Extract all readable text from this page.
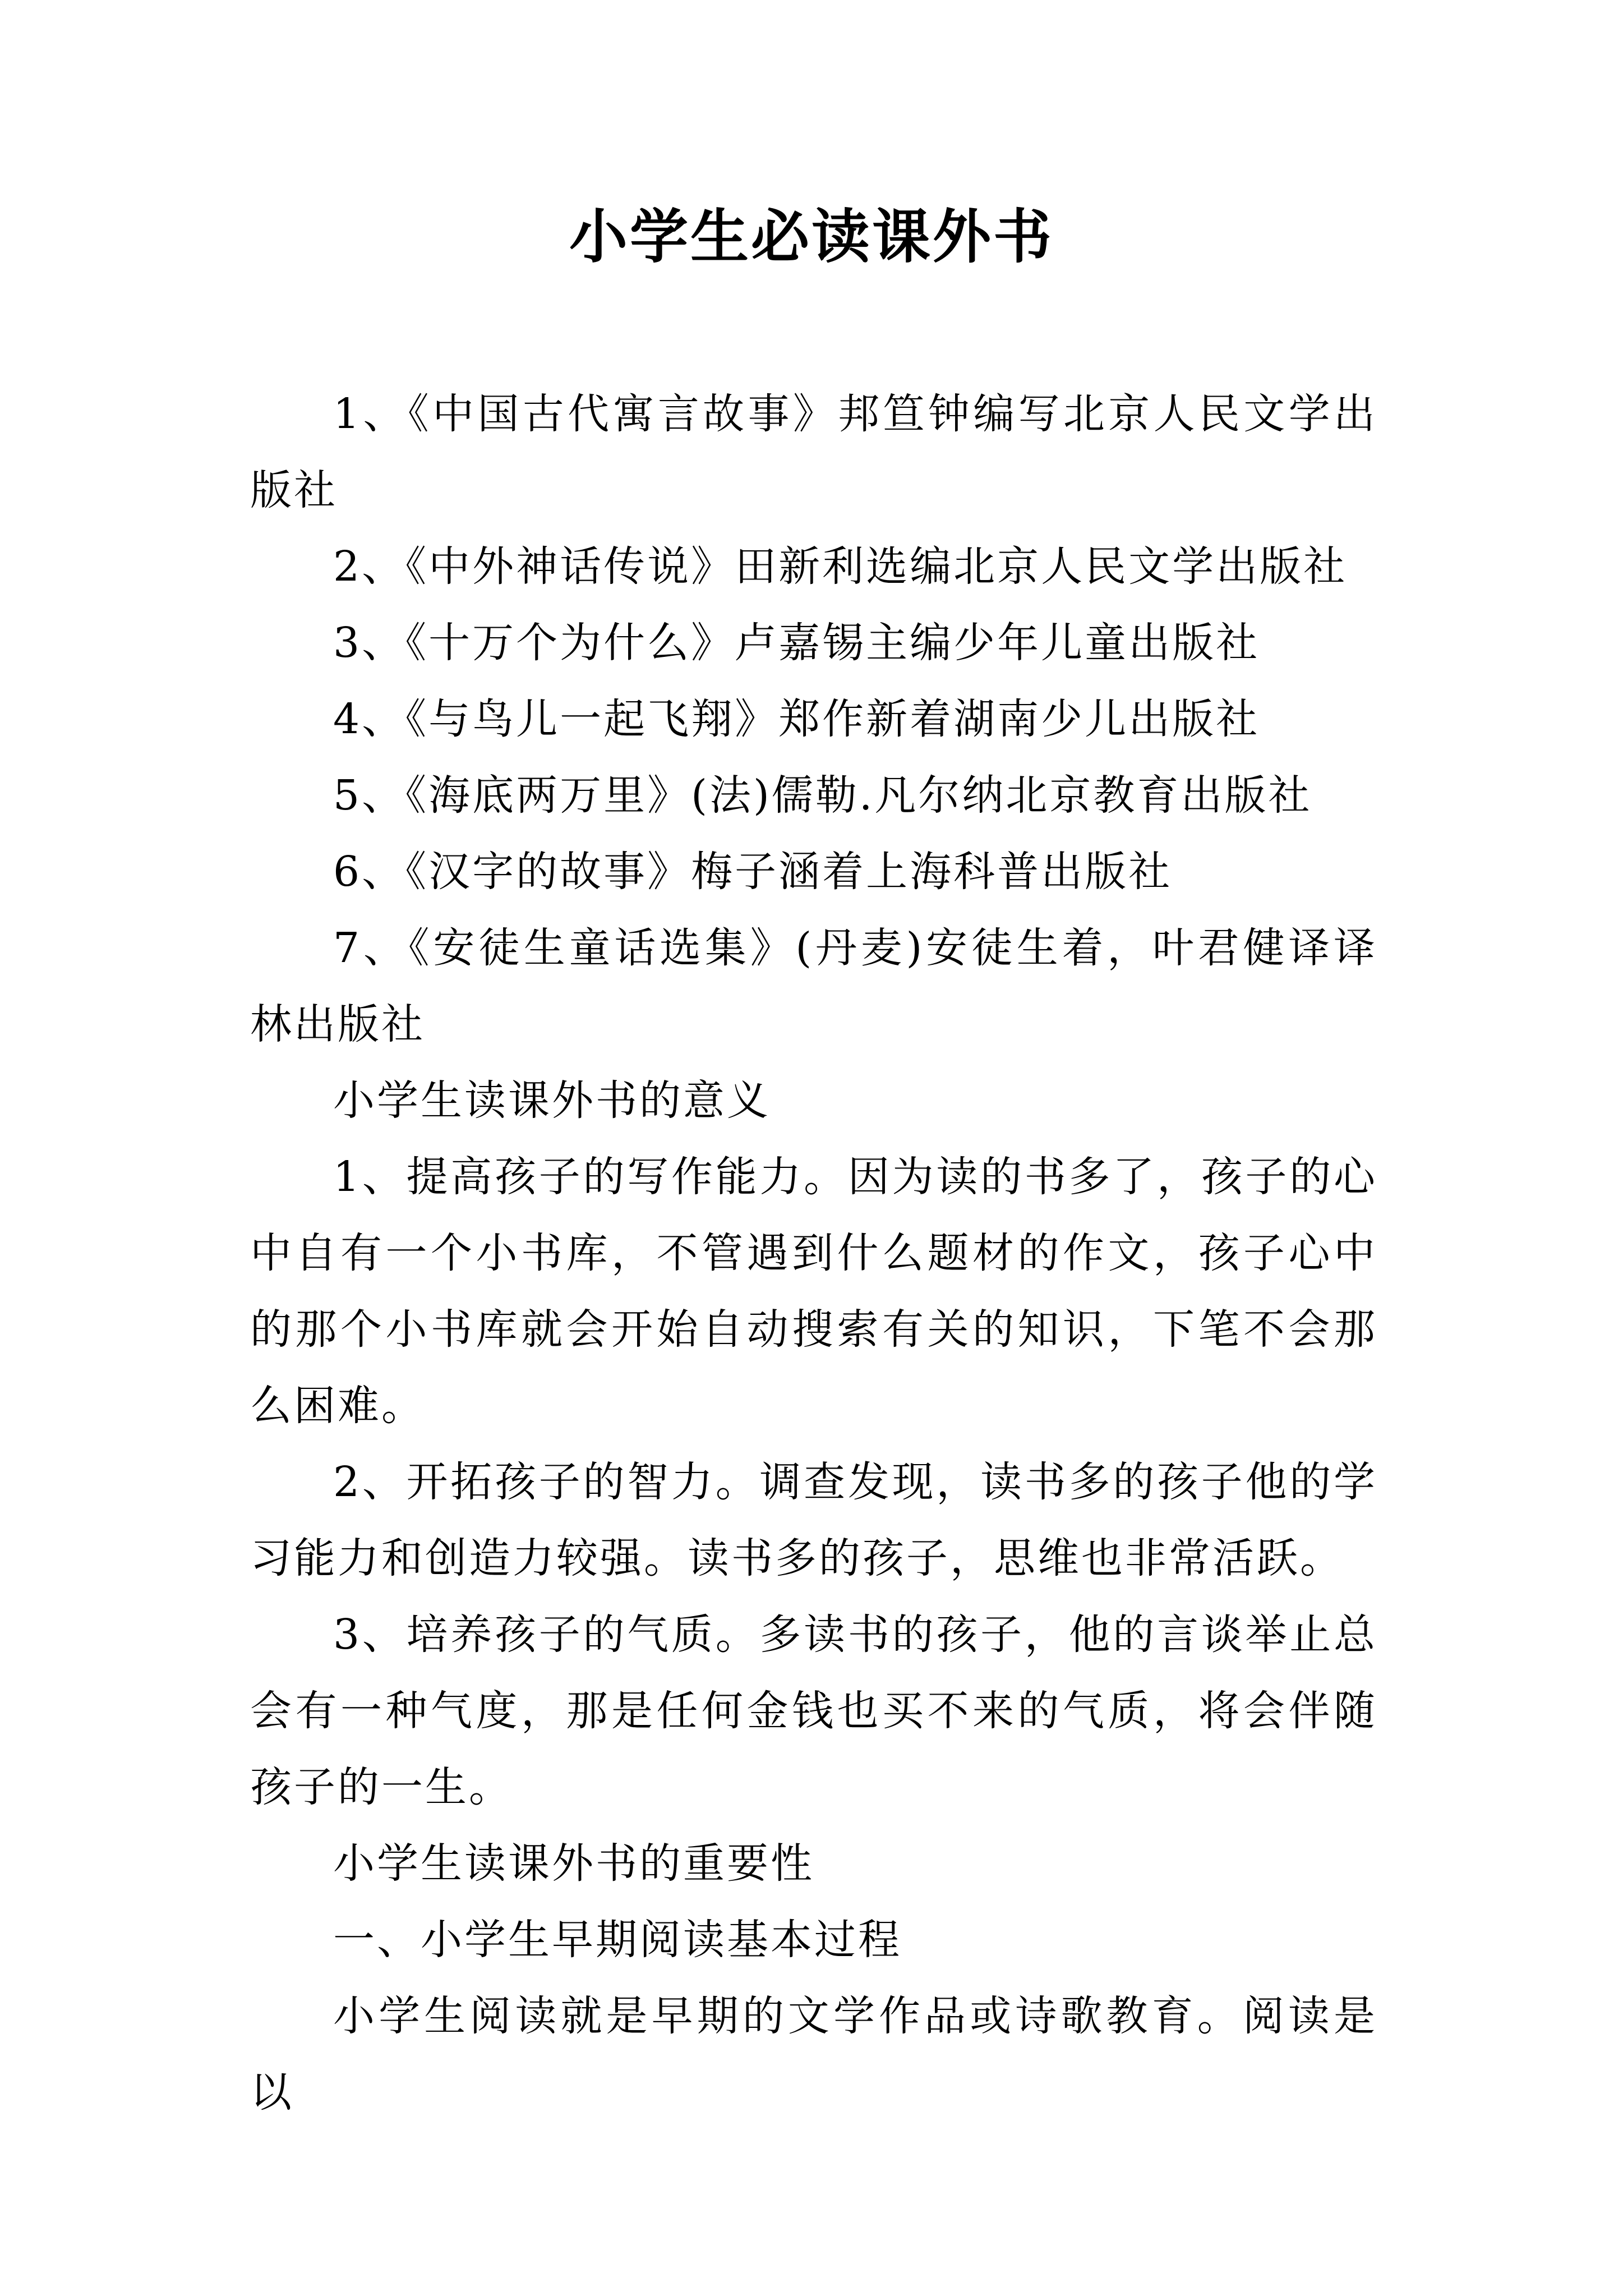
小学生必读课外书

1、《中国古代寓言故事》邦笪钟编写北京人民文学出版社

2、《中外神话传说》田新利选编北京人民文学出版社

3、《十万个为什么》卢嘉锡主编少年儿童出版社

4、《与鸟儿一起飞翔》郑作新着湖南少儿出版社

5、《海底两万里》(法)儒勒.凡尔纳北京教育出版社

6、《汉字的故事》梅子涵着上海科普出版社

7、《安徒生童话选集》(丹麦)安徒生着，叶君健译译林出版社

小学生读课外书的意义

1、提高孩子的写作能力。因为读的书多了，孩子的心中自有一个小书库，不管遇到什么题材的作文，孩子心中的那个小书库就会开始自动搜索有关的知识，下笔不会那么困难。

2、开拓孩子的智力。调查发现，读书多的孩子他的学习能力和创造力较强。读书多的孩子，思维也非常活跃。

3、培养孩子的气质。多读书的孩子，他的言谈举止总会有一种气度，那是任何金钱也买不来的气质，将会伴随孩子的一生。

小学生读课外书的重要性

一、小学生早期阅读基本过程

小学生阅读就是早期的文学作品或诗歌教育。阅读是以
